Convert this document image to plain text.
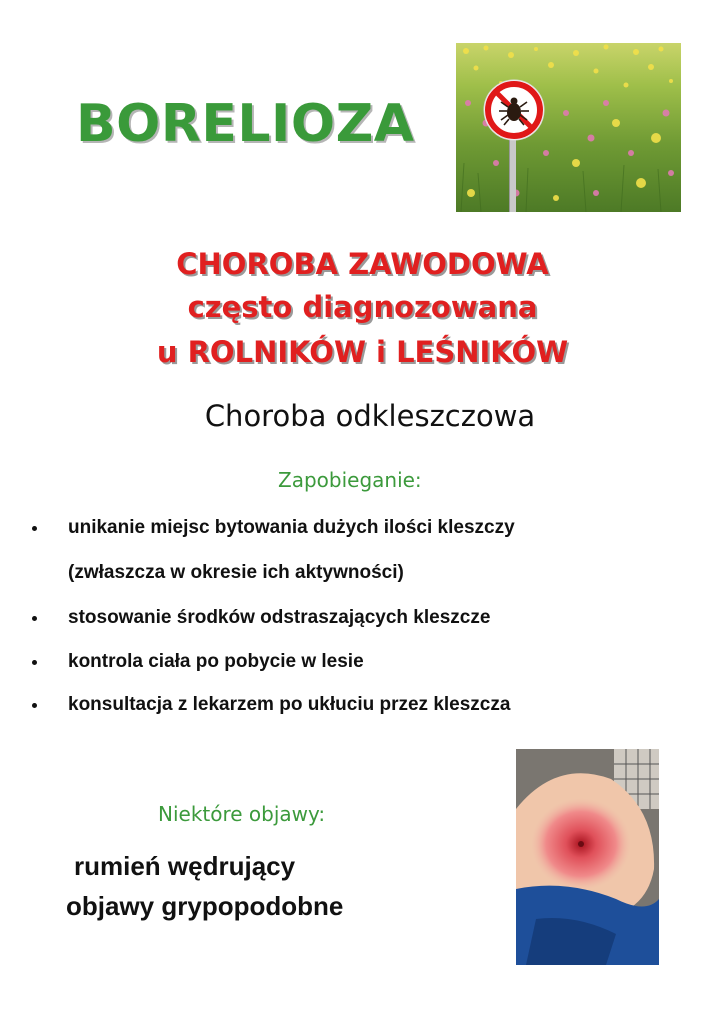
BORELIOZA
CHOROBA ZAWODOWA
często diagnozowana
u ROLNIKÓW i LEŚNIKÓW
Choroba odkleszczowa
Zapobieganie:
unikanie miejsc bytowania dużych ilości kleszczy
(zwłaszcza w okresie ich aktywności)
stosowanie środków odstraszających kleszcze
kontrola ciała po pobycie w lesie
konsultacja z lekarzem po ukłuciu przez kleszcza
Niektóre objawy:
rumień wędrujący
objawy grypopodobne
